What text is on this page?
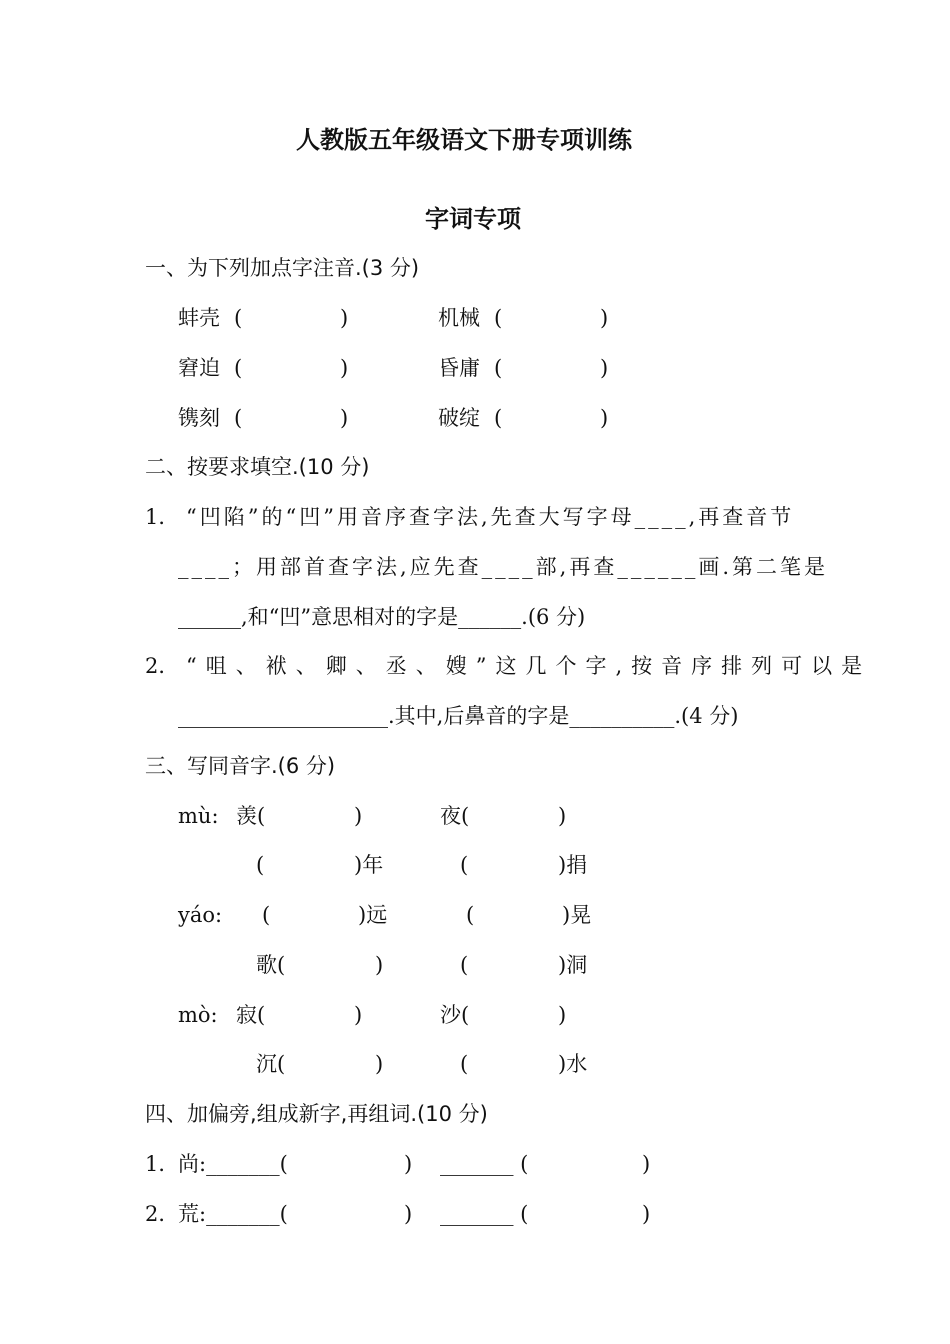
人教版五年级语文下册专项训练
字词专项
一、为下列加点字注音.(3 分)
蚌壳 (	)	机械 (	)
窘迫 (	)	昏庸 (	)
镌刻 (	)	破绽 (	)
二、按要求填空.(10 分)
1． “凹陷”的“凹”用音序查字法,先查大写字母____,再查音节
____；用部首查字法,应先查____部,再查______画.第二笔是
______,和“凹”意思相对的字是______.(6 分)
2． “咀、袱、卿、丞、嫂”这几个字,按音序排列可以是
____________________.其中,后鼻音的字是__________.(4 分)
三、写同音字.(6 分)
mù: 羡(	)	夜(	)
(	)年	(	)捐
yáo: (	)远	(	)晃
歌(	)	(	)洞
mò: 寂(	)	沙(	)
沉(	)	(	)水
四、加偏旁,组成新字,再组词.(10 分)
1．
尚:_______(	) _______ (	)
2．
荒:_______(	) _______ (	)
